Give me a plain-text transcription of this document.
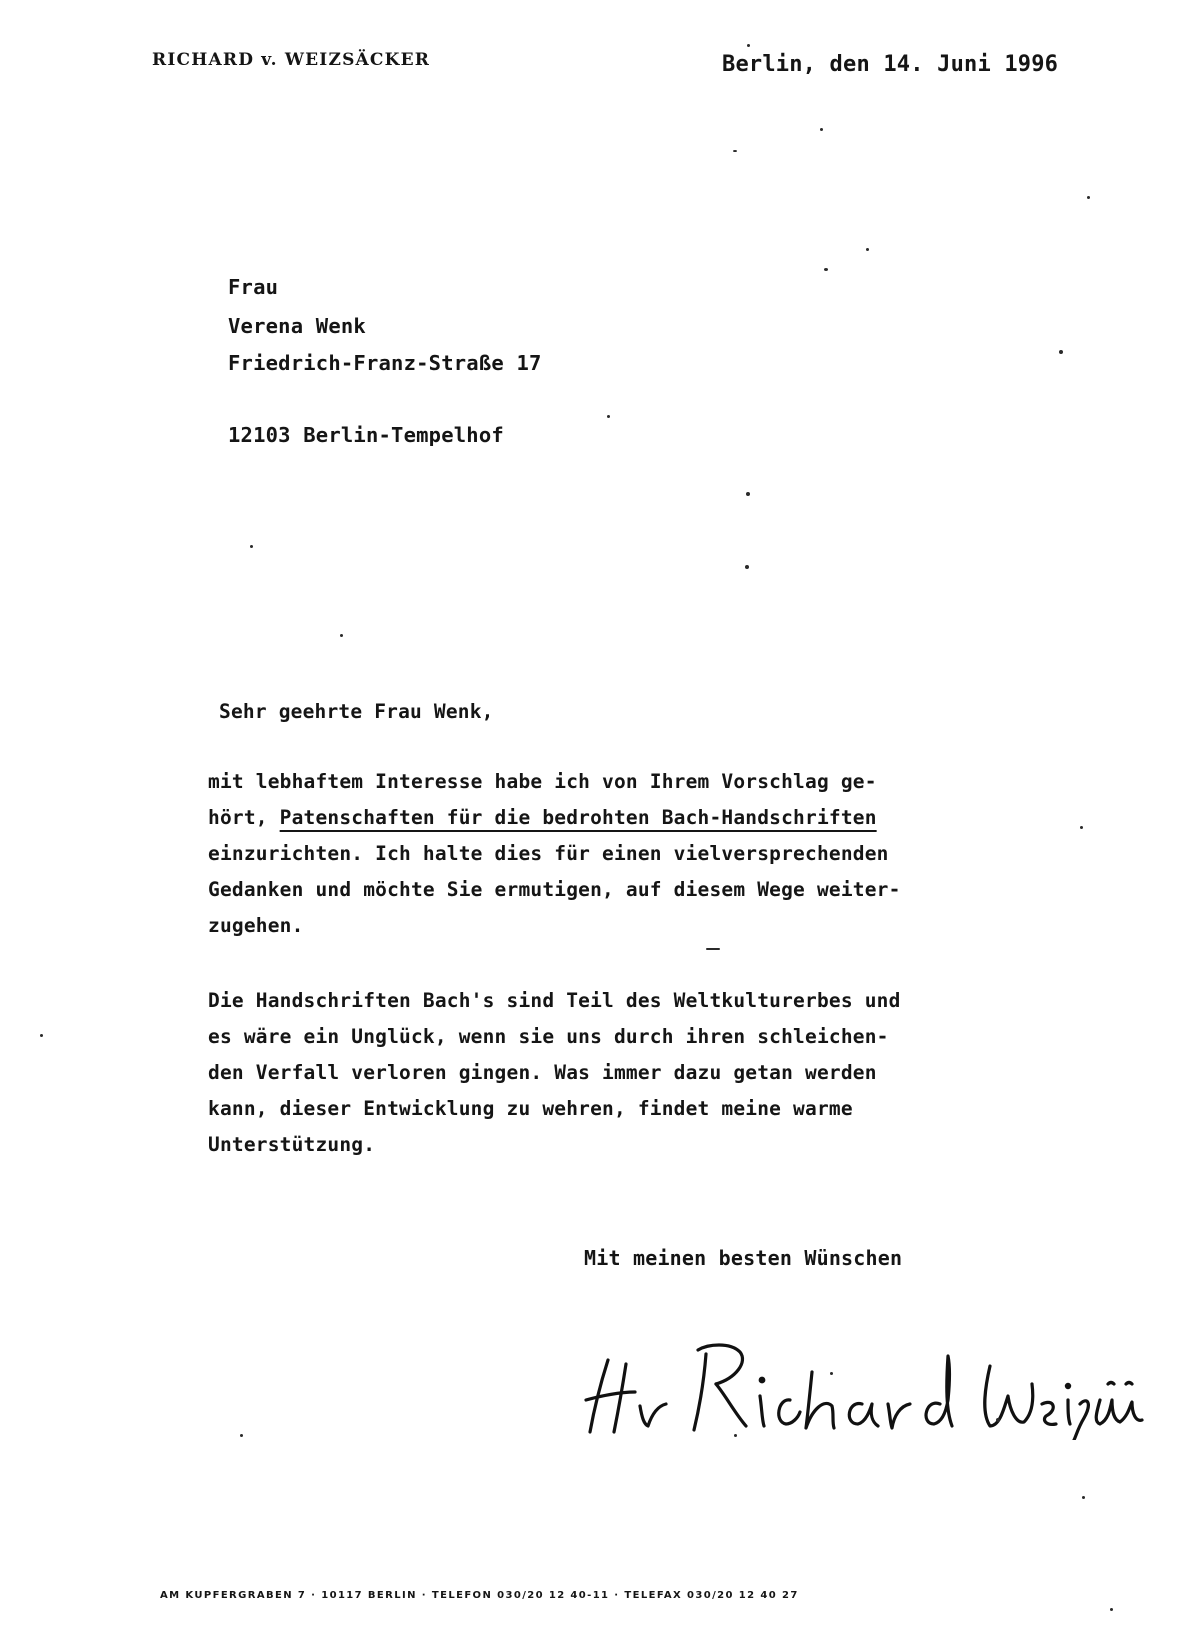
RICHARD v. WEIZSÄCKER	Berlin, den 14. Juni 1996
Frau
Verena Wenk
Friedrich-Franz-Straße 17
12103 Berlin-Tempelhof
Sehr geehrte Frau Wenk,
mit lebhaftem Interesse habe ich von Ihrem Vorschlag ge-
hört, Patenschaften für die bedrohten Bach-Handschriften
einzurichten. Ich halte dies für einen vielversprechenden
Gedanken und möchte Sie ermutigen, auf diesem Wege weiter-
zugehen.
Die Handschriften Bach's sind Teil des Weltkulturerbes und
es wäre ein Unglück, wenn sie uns durch ihren schleichen-
den Verfall verloren gingen. Was immer dazu getan werden
kann, dieser Entwicklung zu wehren, findet meine warme
Unterstützung.
Mit meinen besten Wünschen
AM KUPFERGRABEN 7 · 10117 BERLIN · TELEFON 030/20 12 40-11 · TELEFAX 030/20 12 40 27
